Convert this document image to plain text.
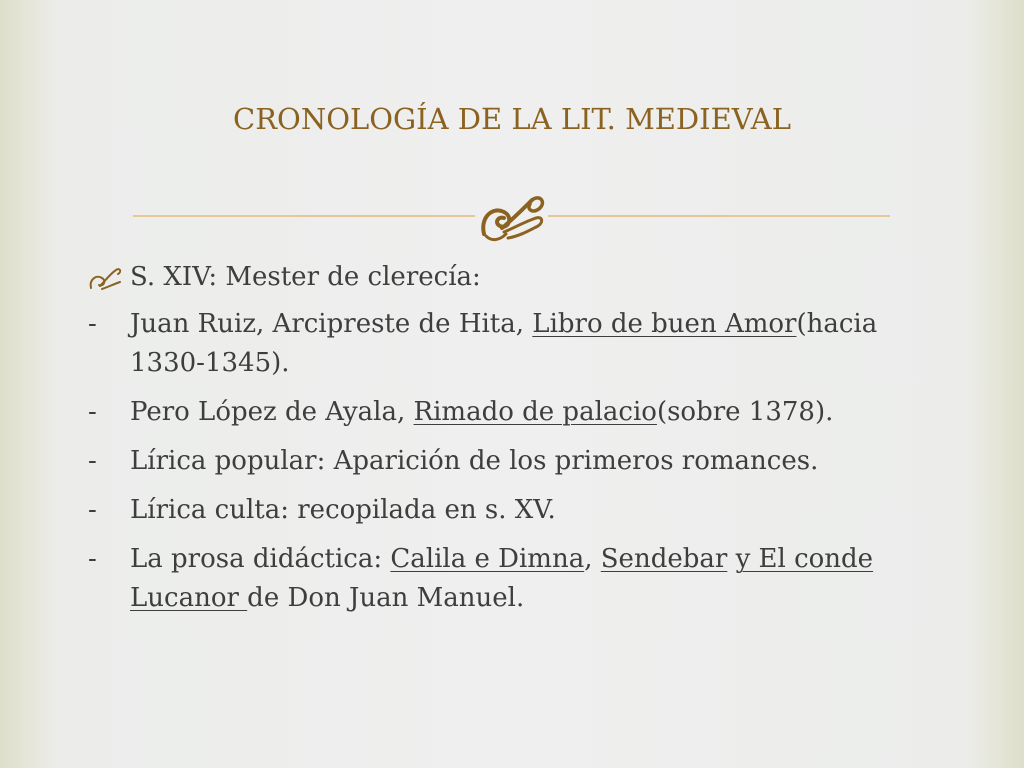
CRONOLOGÍA DE LA LIT. MEDIEVAL
S. XIV: Mester de clerecía:
-	Juan Ruiz, Arcipreste de Hita, Libro de buen Amor(hacia 1330-1345).
-	Pero López de Ayala, Rimado de palacio(sobre 1378).
-	Lírica popular: Aparición de los primeros romances.
-	Lírica culta: recopilada en s. XV.
-	La prosa didáctica: Calila e Dimna, Sendebar y El conde Lucanor de Don Juan Manuel.
